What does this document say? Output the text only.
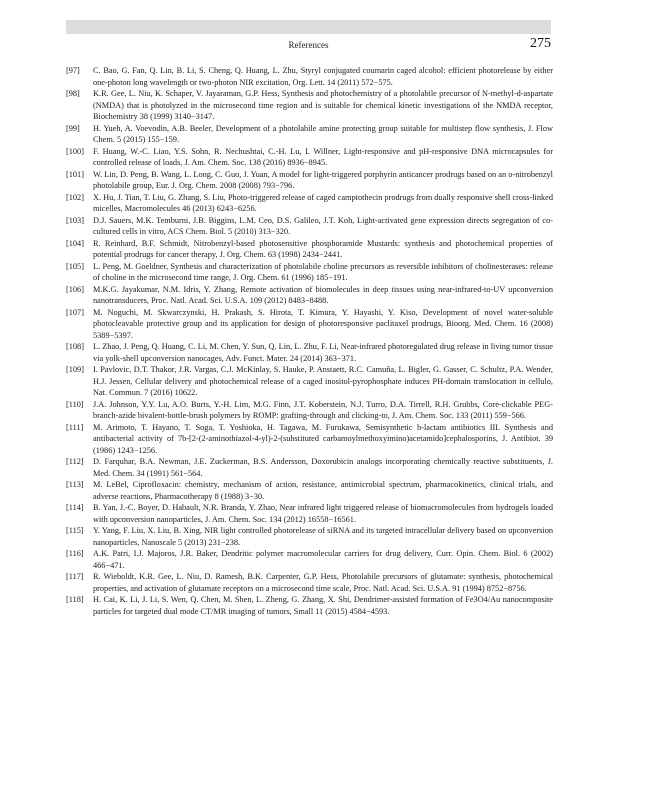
References	275
[97] C. Bao, G. Fan, Q. Lin, B. Li, S. Cheng, Q. Huang, L. Zhu, Styryl conjugated coumarin caged alcohol: efficient photorelease by either one-photon long wavelength or two-photon NIR excitation, Org. Lett. 14 (2011) 572−575.
[98] K.R. Gee, L. Niu, K. Schaper, V. Jayaraman, G.P. Hess, Synthesis and photochemistry of a photolabile precursor of N-methyl-d-aspartate (NMDA) that is photolyzed in the microsecond time region and is suitable for chemical kinetic investigations of the NMDA receptor, Biochemistry 38 (1999) 3140−3147.
[99] H. Yueh, A. Voevodin, A.B. Beeler, Development of a photolabile amine protecting group suitable for multistep flow synthesis, J. Flow Chem. 5 (2015) 155−159.
[100] F. Huang, W.-C. Liao, Y.S. Sohn, R. Nechushtai, C.-H. Lu, I. Willner, Light-responsive and pH-responsive DNA microcapsules for controlled release of loads, J. Am. Chem. Soc. 138 (2016) 8936−8945.
[101] W. Lin, D. Peng, B. Wang, L. Long, C. Guo, J. Yuan, A model for light-triggered porphyrin anticancer prodrugs based on an o-nitrobenzyl photolabile group, Eur. J. Org. Chem. 2008 (2008) 793−796.
[102] X. Hu, J. Tian, T. Liu, G. Zhang, S. Liu, Photo-triggered release of caged camptothecin prodrugs from dually responsive shell cross-linked micelles, Macromolecules 46 (2013) 6243−6256.
[103] D.J. Sauers, M.K. Temburni, J.B. Biggins, L.M. Ceo, D.S. Galileo, J.T. Koh, Light-activated gene expression directs segregation of co-cultured cells in vitro, ACS Chem. Biol. 5 (2010) 313−320.
[104] R. Reinhard, B.F. Schmidt, Nitrobenzyl-based photosensitive phosphoramide Mustards: synthesis and photochemical properties of potential prodrugs for cancer therapy, J. Org. Chem. 63 (1998) 2434−2441.
[105] L. Peng, M. Goeldner, Synthesis and characterization of photolabile choline precursors as reversible inhibitors of cholinesterases: release of choline in the microsecond time range, J. Org. Chem. 61 (1996) 185−191.
[106] M.K.G. Jayakumar, N.M. Idris, Y. Zhang, Remote activation of biomolecules in deep tissues using near-infrared-to-UV upconversion nanotransducers, Proc. Natl. Acad. Sci. U.S.A. 109 (2012) 8483−8488.
[107] M. Noguchi, M. Skwarczynski, H. Prakash, S. Hirota, T. Kimura, Y. Hayashi, Y. Kiso, Development of novel water-soluble photocleavable protective group and its application for design of photoresponsive paclitaxel prodrugs, Bioorg. Med. Chem. 16 (2008) 5389−5397.
[108] L. Zhao, J. Peng, Q. Huang, C. Li, M. Chen, Y. Sun, Q. Lin, L. Zhu, F. Li, Near-infrared photoregulated drug release in living tumor tissue via yolk-shell upconversion nanocages, Adv. Funct. Mater. 24 (2014) 363−371.
[109] I. Pavlovic, D.T. Thakor, J.R. Vargas, C.J. McKinlay, S. Hauke, P. Anstaett, R.C. Camuña, L. Bigler, G. Gasser, C. Schultz, P.A. Wender, H.J. Jessen, Cellular delivery and photochemical release of a caged inositol-pyrophosphate induces PH-domain translocation in cellulo, Nat. Commun. 7 (2016) 10622.
[110] J.A. Johnson, Y.Y. Lu, A.O. Burts, Y.-H. Lim, M.G. Finn, J.T. Koberstein, N.J. Turro, D.A. Tirrell, R.H. Grubbs, Core-clickable PEG-branch-azide bivalent-bottle-brush polymers by ROMP: grafting-through and clicking-to, J. Am. Chem. Soc. 133 (2011) 559−566.
[111] M. Arimoto, T. Hayano, T. Soga, T. Yoshioka, H. Tagawa, M. Furukawa, Semisynthetic b-lactam antibiotics III. Synthesis and antibacterial activity of 7b-[2-(2-aminothiazol-4-yl)-2-(substituted carbamoylmethoxyimino)acetamido]cephalosporins, J. Antibiot. 39 (1986) 1243−1256.
[112] D. Farquhar, B.A. Newman, J.E. Zuckerman, B.S. Andersson, Doxorubicin analogs incorporating chemically reactive substituents, J. Med. Chem. 34 (1991) 561−564.
[113] M. LeBel, Ciprofloxacin: chemistry, mechanism of action, resistance, antimicrobial spectrum, pharmacokinetics, clinical trials, and adverse reactions, Pharmacotherapy 8 (1988) 3−30.
[114] B. Yan, J.-C. Boyer, D. Habault, N.R. Branda, Y. Zhao, Near infrared light triggered release of biomacromolecules from hydrogels loaded with upconversion nanoparticles, J. Am. Chem. Soc. 134 (2012) 16558−16561.
[115] Y. Yang, F. Liu, X. Liu, B. Xing, NIR light controlled photorelease of siRNA and its targeted intracellular delivery based on upconversion nanoparticles, Nanoscale 5 (2013) 231−238.
[116] A.K. Patri, I.J. Majoros, J.R. Baker, Dendritic polymer macromolecular carriers for drug delivery, Curr. Opin. Chem. Biol. 6 (2002) 466−471.
[117] R. Wieboldt, K.R. Gee, L. Niu, D. Ramesh, B.K. Carpenter, G.P. Hess, Photolabile precursors of glutamate: synthesis, photochemical properties, and activation of glutamate receptors on a microsecond time scale, Proc. Natl. Acad. Sci. U.S.A. 91 (1994) 8752−8756.
[118] H. Cai, K. Li, J. Li, S. Wen, Q. Chen, M. Shen, L. Zheng, G. Zhang, X. Shi, Dendrimer-assisted formation of Fe3O4/Au nanocomposite particles for targeted dual mode CT/MR imaging of tumors, Small 11 (2015) 4584−4593.
